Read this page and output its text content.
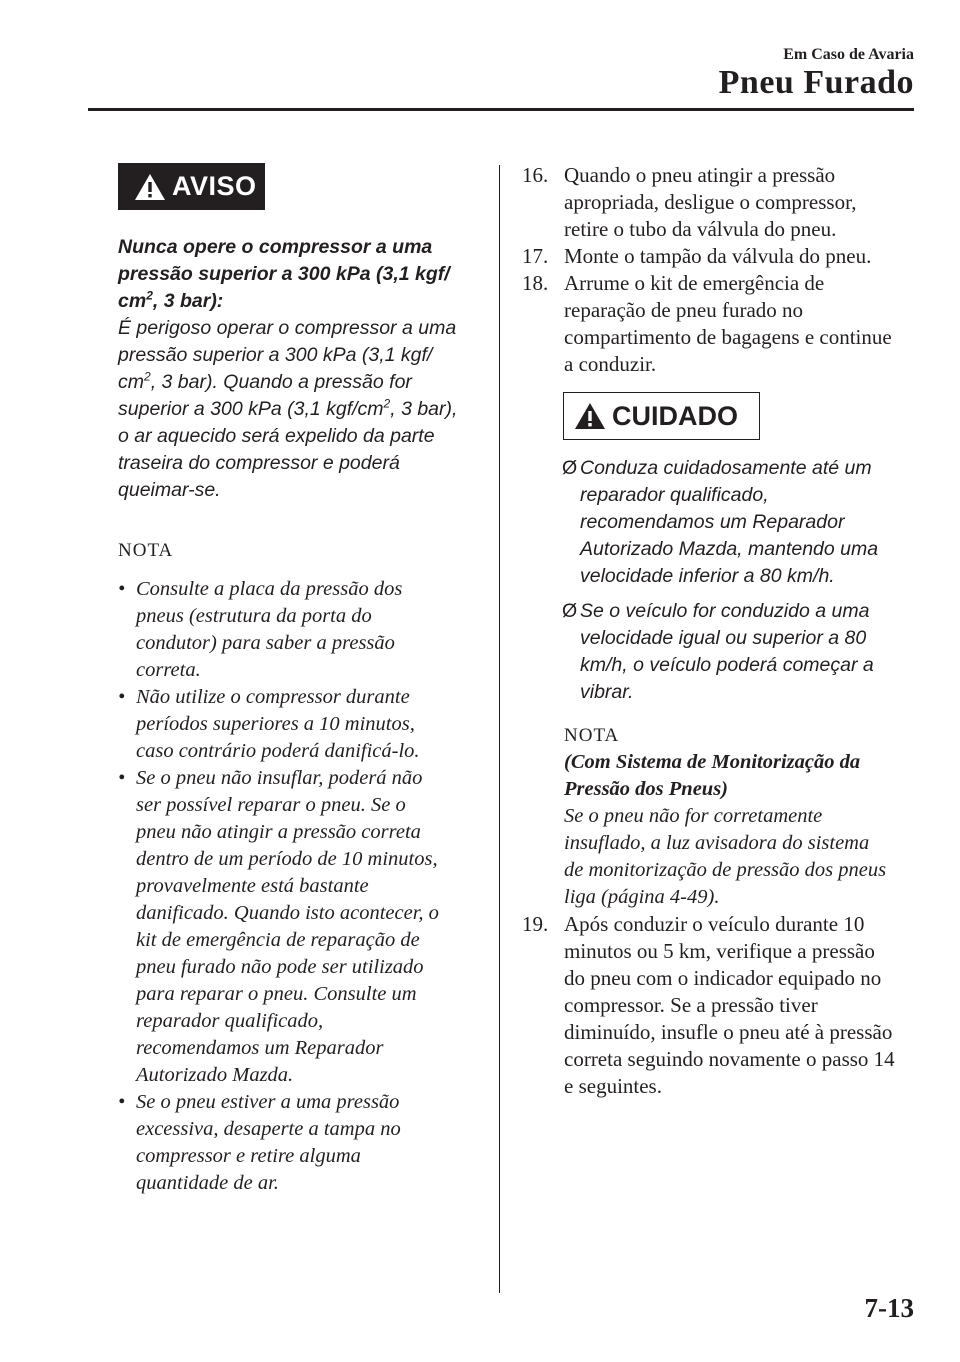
Em Caso de Avaria
Pneu Furado
AVISO
Nunca opere o compressor a uma
pressão superior a 300 kPa (3,1 kgf/
$cm^2$, 3 bar):
É perigoso operar o compressor a uma
pressão superior a 300 kPa (3,1 kgf/
$cm^2$, 3 bar). Quando a pressão for
superior a 300 kPa (3,1 kgf/$cm^2$, 3 bar),
o ar aquecido será expelido da parte
traseira do compressor e poderá
queimar-se.
NOTA
• Consulte a placa da pressão dos
pneus (estrutura da porta do
condutor) para saber a pressão
correta.
• Não utilize o compressor durante
períodos superiores a 10 minutos,
caso contrário poderá danificá-lo.
• Se o pneu não insuflar, poderá não
ser possível reparar o pneu. Se o
pneu não atingir a pressão correta
dentro de um período de 10 minutos,
provavelmente está bastante
danificado. Quando isto acontecer, o
kit de emergência de reparação de
pneu furado não pode ser utilizado
para reparar o pneu. Consulte um
reparador qualificado,
recomendamos um Reparador
Autorizado Mazda.
• Se o pneu estiver a uma pressão
excessiva, desaperte a tampa no
compressor e retire alguma
quantidade de ar.
16. Quando o pneu atingir a pressão
apropriada, desligue o compressor,
retire o tubo da válvula do pneu.
17. Monte o tampão da válvula do pneu.
18. Arrume o kit de emergência de
reparação de pneu furado no
compartimento de bagagens e continue
a conduzir.
CUIDADO
Ø Conduza cuidadosamente até um
reparador qualificado,
recomendamos um Reparador
Autorizado Mazda, mantendo uma
velocidade inferior a 80 km/h.
Ø Se o veículo for conduzido a uma
velocidade igual ou superior a 80
km/h, o veículo poderá começar a
vibrar.
NOTA
(Com Sistema de Monitorização da
Pressão dos Pneus)
Se o pneu não for corretamente
insuflado, a luz avisadora do sistema
de monitorização de pressão dos pneus
liga (página 4-49).
19. Após conduzir o veículo durante 10
minutos ou 5 km, verifique a pressão
do pneu com o indicador equipado no
compressor. Se a pressão tiver
diminuído, insufle o pneu até à pressão
correta seguindo novamente o passo 14
e seguintes.
7-13
